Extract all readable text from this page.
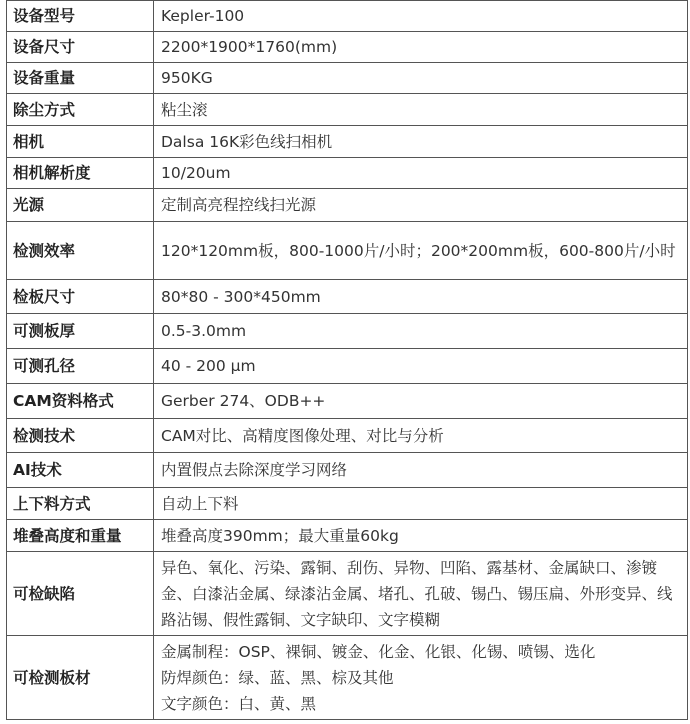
设备型号	Kepler-100
设备尺寸	2200*1900*1760(mm)
设备重量	950KG
除尘方式	粘尘滚
相机	Dalsa 16K彩色线扫相机
相机解析度	10/20um
光源	定制高亮程控线扫光源
检测效率	120*120mm板，800-1000片/小时；200*200mm板，600-800片/小时
检板尺寸	80*80 - 300*450mm
可测板厚	0.5-3.0mm
可测孔径	40 - 200 μm
CAM资料格式	Gerber 274、ODB++
检测技术	CAM对比、高精度图像处理、对比与分析
AI技术	内置假点去除深度学习网络
上下料方式	自动上下料
堆叠高度和重量	堆叠高度390mm；最大重量60kg
可检缺陷	异色、氧化、污染、露铜、刮伤、异物、凹陷、露基材、金属缺口、渗镀金、白漆沾金属、绿漆沾金属、堵孔、孔破、锡凸、锡压扁、外形变异、线路沾锡、假性露铜、文字缺印、文字模糊
可检测板材	金属制程：OSP、裸铜、镀金、化金、化银、化锡、喷锡、选化
防焊颜色：绿、蓝、黑、棕及其他
文字颜色：白、黄、黑
